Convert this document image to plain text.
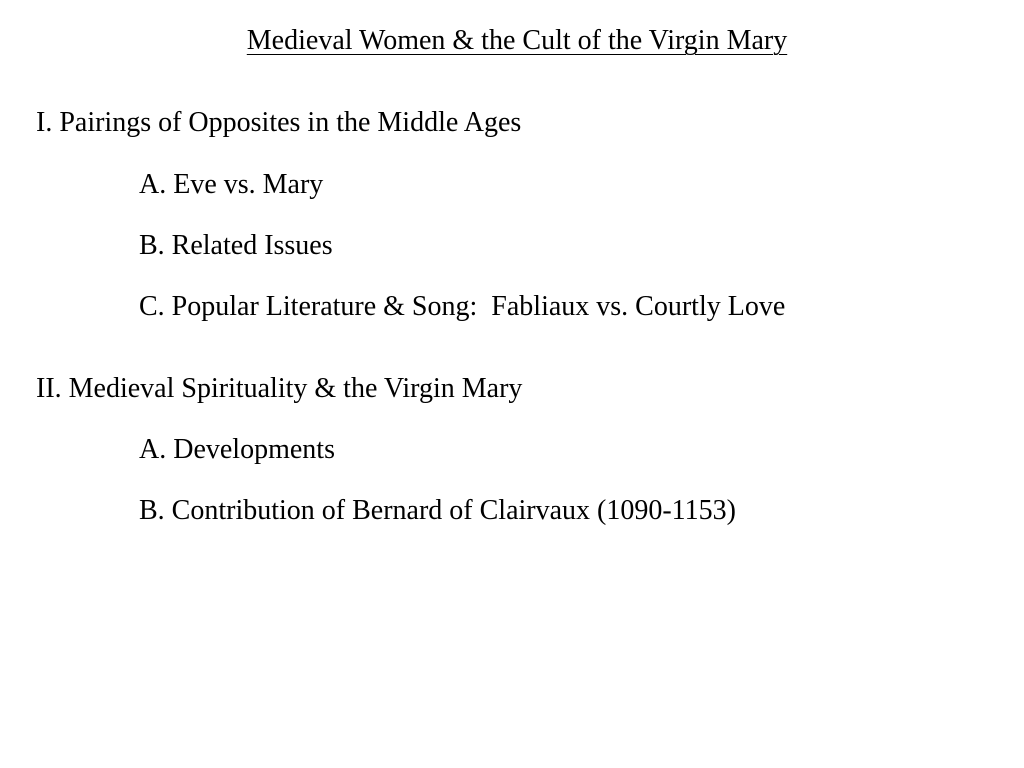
Medieval Women & the Cult of the Virgin Mary
I. Pairings of Opposites in the Middle Ages
A. Eve vs. Mary
B. Related Issues
C. Popular Literature & Song:  Fabliaux vs. Courtly Love
II. Medieval Spirituality & the Virgin Mary
A. Developments
B. Contribution of Bernard of Clairvaux (1090-1153)
